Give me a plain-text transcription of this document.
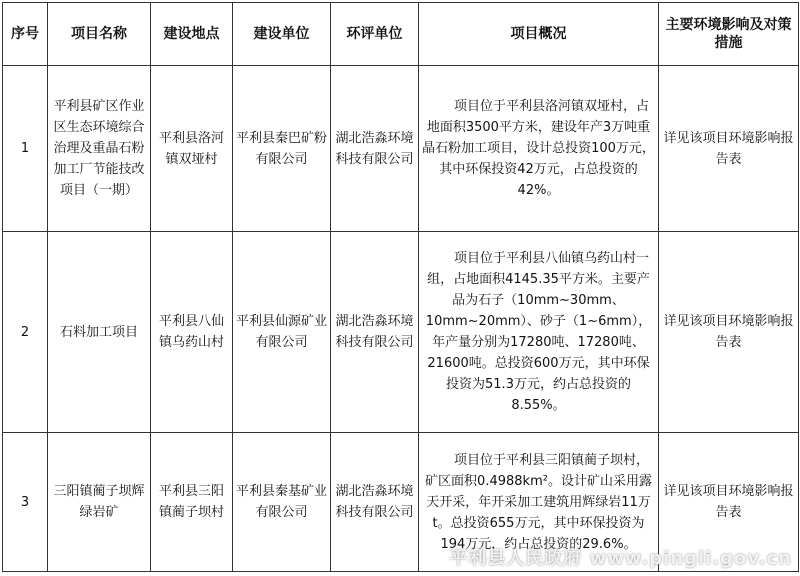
序号	项目名称	建设地点	建设单位	环评单位	项目概况	主要环境影响及对策措施
1	平利县矿区作业区生态环境综合治理及重晶石粉加工厂节能技改项目（一期）	平利县洛河镇双垭村	平利县秦巴矿粉有限公司	湖北浩淼环境科技有限公司	项目位于平利县洛河镇双垭村，占地面积3500平方米，建设年产3万吨重晶石粉加工项目，设计总投资100万元，其中环保投资42万元，占总投资的42%。	详见该项目环境影响报告表
2	石料加工项目	平利县八仙镇乌药山村	平利县仙源矿业有限公司	湖北浩淼环境科技有限公司	项目位于平利县八仙镇乌药山村一组，占地面积4145.35平方米。主要产品为石子（10mm~30mm、10mm~20mm）、砂子（1~6mm），年产量分别为17280吨、17280吨、21600吨。总投资600万元，其中环保投资为51.3万元，约占总投资的8.55%。	详见该项目环境影响报告表
3	三阳镇蔺子坝辉绿岩矿	平利县三阳镇蔺子坝村	平利县秦基矿业有限公司	湖北浩淼环境科技有限公司	项目位于平利县三阳镇蔺子坝村，矿区面积0.4988km²。设计矿山采用露天开采，年开采加工建筑用辉绿岩11万t。总投资655万元，其中环保投资为194万元，约占总投资的29.6%。	详见该项目环境影响报告表
平利县人民政府 www.pingli.gov.cn
